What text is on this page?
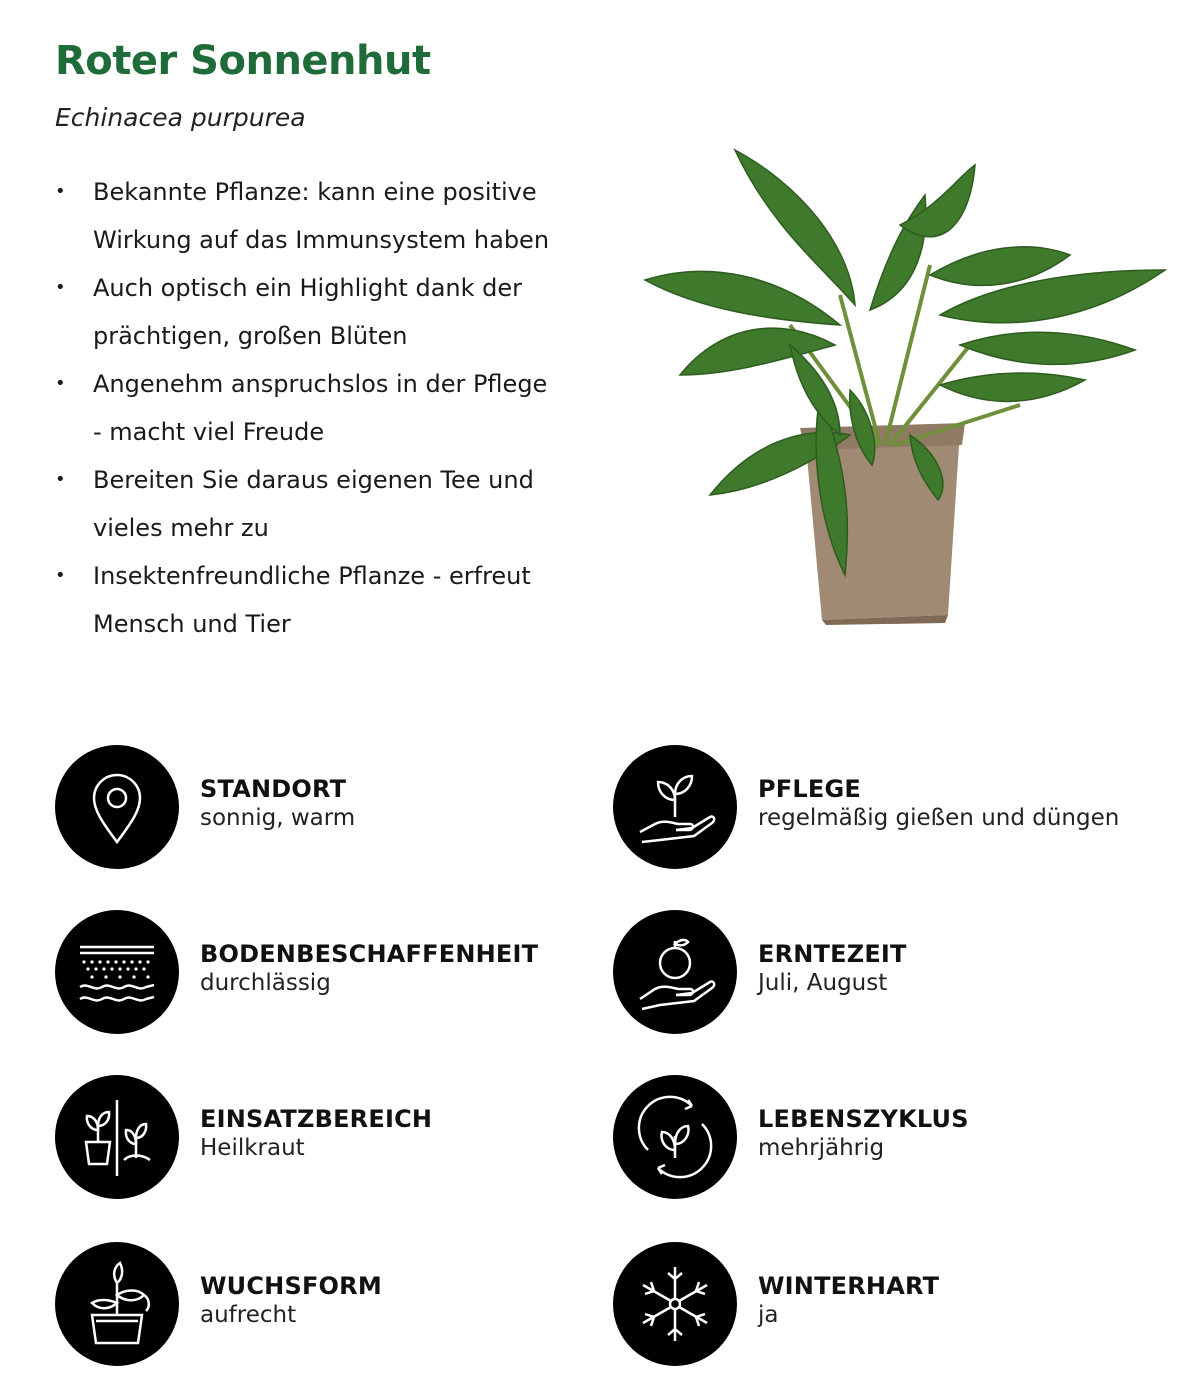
Roter Sonnenhut

Echinacea purpurea

• Bekannte Pflanze: kann eine positive
Wirkung auf das Immunsystem haben
• Auch optisch ein Highlight dank der
prächtigen, großen Blüten
• Angenehm anspruchslos in der Pflege
- macht viel Freude
• Bereiten Sie daraus eigenen Tee und
vieles mehr zu
• Insektenfreundliche Pflanze - erfreut
Mensch und Tier
STANDORT
sonnig, warm
PFLEGE
regelmäßig gießen und düngen
BODENBESCHAFFENHEIT
durchlässig
ERNTEZEIT
Juli, August
EINSATZBEREICH
Heilkraut
LEBENSZYKLUS
mehrjährig
WUCHSFORM
aufrecht
WINTERHART
ja
